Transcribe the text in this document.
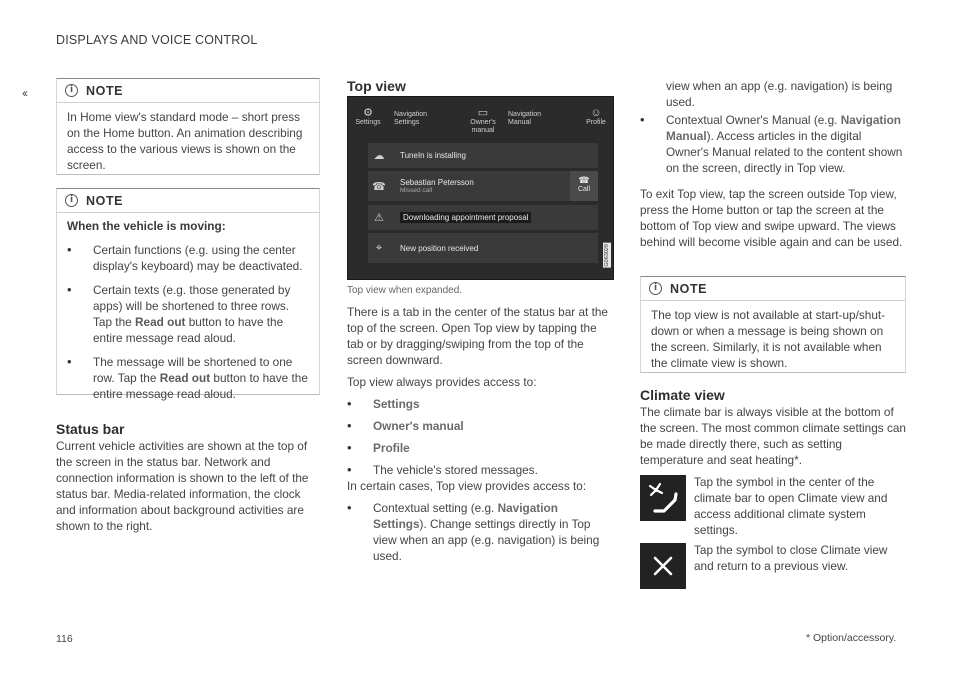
DISPLAYS AND VOICE CONTROL
‹‹	i	NOTE
In Home view's standard mode – short press on the Home button. An animation describing access to the various views is shown on the screen.
i	NOTE
When the vehicle is moving:
• Certain functions (e.g. using the center display's keyboard) may be deactivated.
• Certain texts (e.g. those generated by apps) will be shortened to three rows. Tap the Read out button to have the entire message read aloud.
• The message will be shortened to one row. Tap the Read out button to have the entire message read aloud.
Status bar

Current vehicle activities are shown at the top of the screen in the status bar. Network and connection information is shown to the left of the status bar. Media-related information, the clock and information about background activities are shown to the right.

Top view
⚙
Settings
Navigation
Settings
▭
Owner's
manual
Navigation
Manual
☺
Profile
☁	TuneIn is installing
☎	Sebastian Petersson
Missed call
☎
Call
⚠	Downloading appointment proposal
⌖	New position received	G063029
Top view when expanded.

There is a tab in the center of the status bar at the top of the screen. Open Top view by tapping the tab or by dragging/swiping from the top of the screen downward.

Top view always provides access to:

• Settings
• Owner's manual
• Profile
• The vehicle's stored messages.

In certain cases, Top view provides access to:

• Contextual setting (e.g. Navigation Settings). Change settings directly in Top view when an app (e.g. navigation) is being used.

view when an app (e.g. navigation) is being used.

• Contextual Owner's Manual (e.g. Navigation Manual). Access articles in the digital Owner's Manual related to the content shown on the screen, directly in Top view.

To exit Top view, tap the screen outside Top view, press the Home button or tap the screen at the bottom of Top view and swipe upward. The views behind will become visible again and can be used.

i	NOTE
The top view is not available at start-up/shut-down or when a message is being shown on the screen. Similarly, it is not available when the climate view is shown.
Climate view

The climate bar is always visible at the bottom of the screen. The most common climate settings can be made directly there, such as setting temperature and seat heating*.

Tap the symbol in the center of the climate bar to open Climate view and access additional climate system settings.

Tap the symbol to close Climate view and return to a previous view.

116	* Option/accessory.
